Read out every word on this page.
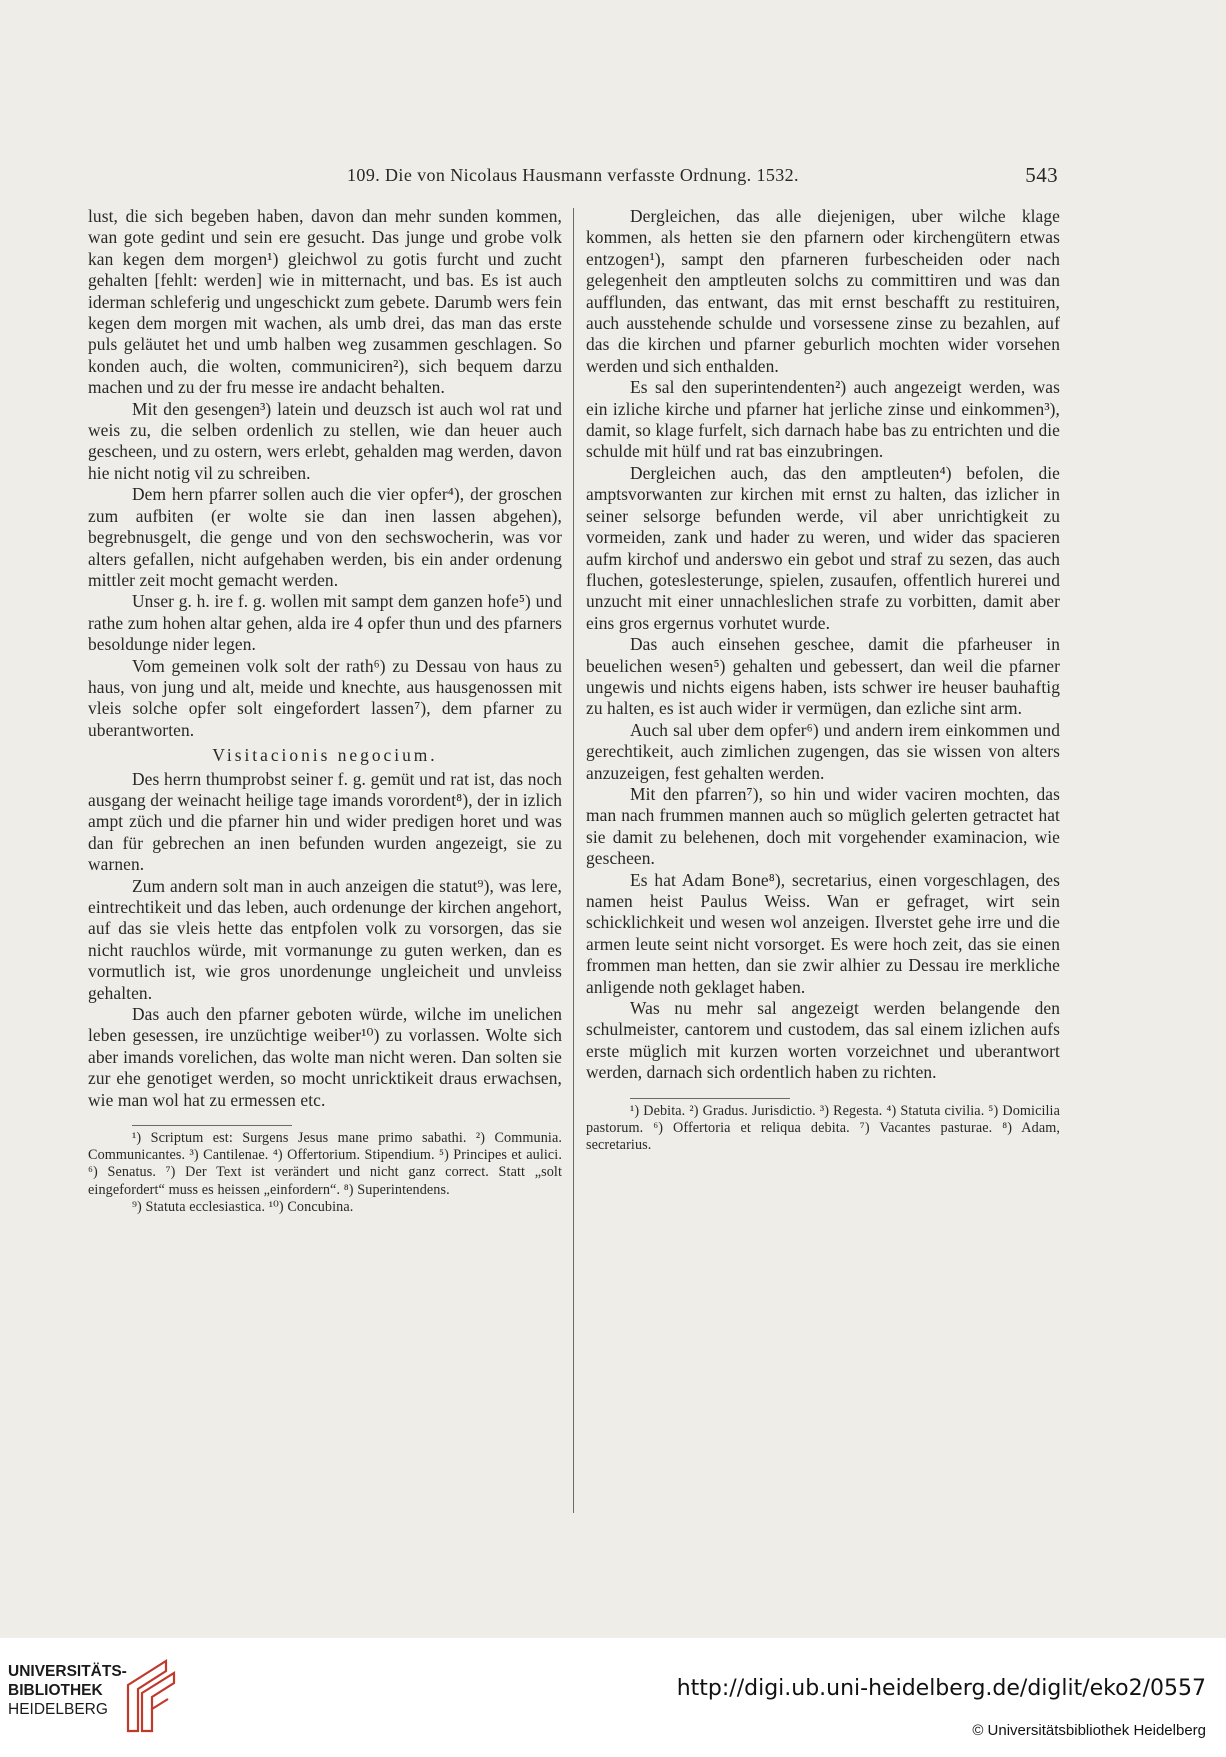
109. Die von Nicolaus Hausmann verfasste Ordnung. 1532.	543

lust, die sich begeben haben, davon dan mehr sunden kommen, wan gote gedint und sein ere gesucht. Das junge und grobe volk kan kegen dem morgen¹) gleichwol zu gotis furcht und zucht gehalten [fehlt: werden] wie in mitternacht, und bas. Es ist auch iderman schleferig und ungeschickt zum gebete. Darumb wers fein kegen dem morgen mit wachen, als umb drei, das man das erste puls geläutet het und umb halben weg zusammen geschlagen. So konden auch, die wolten, communiciren²), sich bequem darzu machen und zu der fru messe ire andacht behalten.

Mit den gesengen³) latein und deuzsch ist auch wol rat und weis zu, die selben ordenlich zu stellen, wie dan heuer auch gescheen, und zu ostern, wers erlebt, gehalden mag werden, davon hie nicht notig vil zu schreiben.

Dem hern pfarrer sollen auch die vier opfer⁴), der groschen zum aufbiten (er wolte sie dan inen lassen abgehen), begrebnusgelt, die genge und von den sechswocherin, was vor alters gefallen, nicht aufgehaben werden, bis ein ander ordenung mittler zeit mocht gemacht werden.

Unser g. h. ire f. g. wollen mit sampt dem ganzen hofe⁵) und rathe zum hohen altar gehen, alda ire 4 opfer thun und des pfarners besoldunge nider legen.

Vom gemeinen volk solt der rath⁶) zu Dessau von haus zu haus, von jung und alt, meide und knechte, aus hausgenossen mit vleis solche opfer solt eingefordert lassen⁷), dem pfarner zu uberantworten.

Visitacionis negocium.

Des herrn thumprobst seiner f. g. gemüt und rat ist, das noch ausgang der weinacht heilige tage imands vorordent⁸), der in izlich ampt züch und die pfarner hin und wider predigen horet und was dan für gebrechen an inen befunden wurden angezeigt, sie zu warnen.

Zum andern solt man in auch anzeigen die statut⁹), was lere, eintrechtikeit und das leben, auch ordenunge der kirchen angehort, auf das sie vleis hette das entpfolen volk zu vorsorgen, das sie nicht rauchlos würde, mit vormanunge zu guten werken, dan es vormutlich ist, wie gros unordenunge ungleicheit und unvleiss gehalten.

Das auch den pfarner geboten würde, wilche im unelichen leben gesessen, ire unzüchtige weiber¹⁰) zu vorlassen. Wolte sich aber imands vorelichen, das wolte man nicht weren. Dan solten sie zur ehe genotiget werden, so mocht unricktikeit draus erwachsen, wie man wol hat zu ermessen etc.

¹) Scriptum est: Surgens Jesus mane primo sabathi. ²) Communia. Communicantes. ³) Cantilenae. ⁴) Offertorium. Stipendium. ⁵) Principes et aulici. ⁶) Senatus. ⁷) Der Text ist verändert und nicht ganz correct. Statt „solt eingefordert“ muss es heissen „einfordern“. ⁸) Superintendens.

⁹) Statuta ecclesiastica. ¹⁰) Concubina.

Dergleichen, das alle diejenigen, uber wilche klage kommen, als hetten sie den pfarnern oder kirchengütern etwas entzogen¹), sampt den pfarneren furbescheiden oder nach gelegenheit den amptleuten solchs zu committiren und was dan aufflunden, das entwant, das mit ernst beschafft zu restituiren, auch ausstehende schulde und vorsessene zinse zu bezahlen, auf das die kirchen und pfarner geburlich mochten wider vorsehen werden und sich enthalden.

Es sal den superintendenten²) auch angezeigt werden, was ein izliche kirche und pfarner hat jerliche zinse und einkommen³), damit, so klage furfelt, sich darnach habe bas zu entrichten und die schulde mit hülf und rat bas einzubringen.

Dergleichen auch, das den amptleuten⁴) befolen, die amptsvorwanten zur kirchen mit ernst zu halten, das izlicher in seiner selsorge befunden werde, vil aber unrichtigkeit zu vormeiden, zank und hader zu weren, und wider das spacieren aufm kirchof und anderswo ein gebot und straf zu sezen, das auch fluchen, goteslesterunge, spielen, zusaufen, offentlich hurerei und unzucht mit einer unnachleslichen strafe zu vorbitten, damit aber eins gros ergernus vorhutet wurde.

Das auch einsehen geschee, damit die pfarheuser in beuelichen wesen⁵) gehalten und gebessert, dan weil die pfarner ungewis und nichts eigens haben, ists schwer ire heuser bauhaftig zu halten, es ist auch wider ir vermügen, dan ezliche sint arm.

Auch sal uber dem opfer⁶) und andern irem einkommen und gerechtikeit, auch zimlichen zugengen, das sie wissen von alters anzuzeigen, fest gehalten werden.

Mit den pfarren⁷), so hin und wider vaciren mochten, das man nach frummen mannen auch so müglich gelerten getractet hat sie damit zu belehenen, doch mit vorgehender examinacion, wie gescheen.

Es hat Adam Bone⁸), secretarius, einen vorgeschlagen, des namen heist Paulus Weiss. Wan er gefraget, wirt sein schicklichkeit und wesen wol anzeigen. Ilverstet gehe irre und die armen leute seint nicht vorsorget. Es were hoch zeit, das sie einen frommen man hetten, dan sie zwir alhier zu Dessau ire merkliche anligende noth geklaget haben.

Was nu mehr sal angezeigt werden belangende den schulmeister, cantorem und custodem, das sal einem izlichen aufs erste müglich mit kurzen worten vorzeichnet und uberantwort werden, darnach sich ordentlich haben zu richten.

¹) Debita. ²) Gradus. Jurisdictio. ³) Regesta. ⁴) Statuta civilia. ⁵) Domicilia pastorum. ⁶) Offertoria et reliqua debita. ⁷) Vacantes pasturae. ⁸) Adam, secretarius.

UNIVERSITÄTS-
BIBLIOTHEK
HEIDELBERG
http://digi.ub.uni-heidelberg.de/diglit/eko2/0557
© Universitätsbibliothek Heidelberg
